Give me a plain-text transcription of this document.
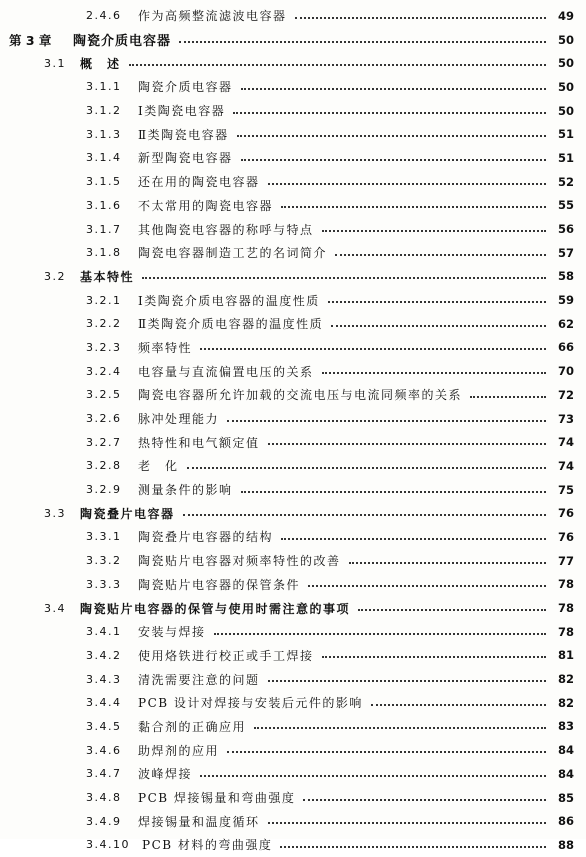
2.4.6	作为高频整流滤波电容器	49
第 3 章	陶瓷介质电容器	50
3.1	概　述	50
3.1.1	陶瓷介质电容器	50
3.1.2	Ⅰ类陶瓷电容器	50
3.1.3	Ⅱ类陶瓷电容器	51
3.1.4	新型陶瓷电容器	51
3.1.5	还在用的陶瓷电容器	52
3.1.6	不太常用的陶瓷电容器	55
3.1.7	其他陶瓷电容器的称呼与特点	56
3.1.8	陶瓷电容器制造工艺的名词简介	57
3.2	基本特性	58
3.2.1	Ⅰ类陶瓷介质电容器的温度性质	59
3.2.2	Ⅱ类陶瓷介质电容器的温度性质	62
3.2.3	频率特性	66
3.2.4	电容量与直流偏置电压的关系	70
3.2.5	陶瓷电容器所允许加载的交流电压与电流同频率的关系	72
3.2.6	脉冲处理能力	73
3.2.7	热特性和电气额定值	74
3.2.8	老　化	74
3.2.9	测量条件的影响	75
3.3	陶瓷叠片电容器	76
3.3.1	陶瓷叠片电容器的结构	76
3.3.2	陶瓷贴片电容器对频率特性的改善	77
3.3.3	陶瓷贴片电容器的保管条件	78
3.4	陶瓷贴片电容器的保管与使用时需注意的事项	78
3.4.1	安装与焊接	78
3.4.2	使用烙铁进行校正或手工焊接	81
3.4.3	清洗需要注意的问题	82
3.4.4	PCB 设计对焊接与安装后元件的影响	82
3.4.5	黏合剂的正确应用	83
3.4.6	助焊剂的应用	84
3.4.7	波峰焊接	84
3.4.8	PCB 焊接锡量和弯曲强度	85
3.4.9	焊接锡量和温度循环	86
3.4.10	PCB 材料的弯曲强度	88
